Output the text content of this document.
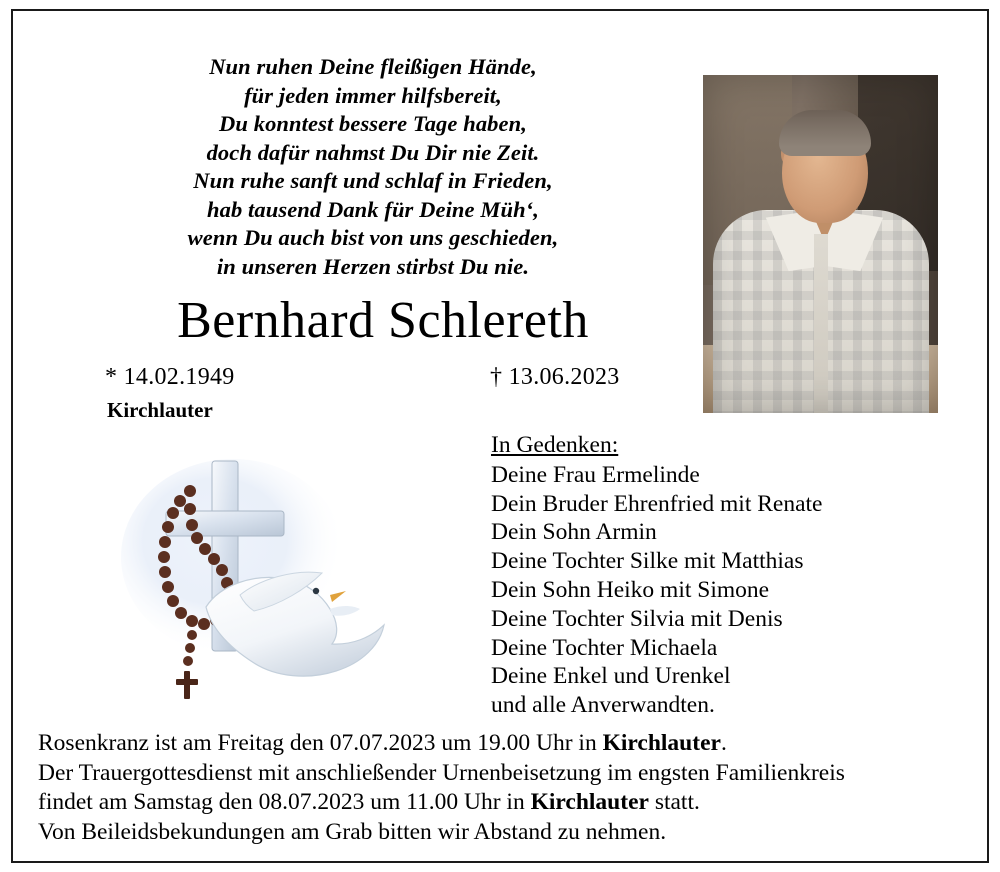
Nun ruhen Deine fleißigen Hände,
für jeden immer hilfsbereit,
Du konntest bessere Tage haben,
doch dafür nahmst Du Dir nie Zeit.
Nun ruhe sanft und schlaf in Frieden,
hab tausend Dank für Deine Müh‘,
wenn Du auch bist von uns geschieden,
in unseren Herzen stirbst Du nie.
Bernhard Schlereth
* 14.02.1949	† 13.06.2023
Kirchlauter
In Gedenken:
Deine Frau Ermelinde
Dein Bruder Ehrenfried mit Renate
Dein Sohn Armin
Deine Tochter Silke mit Matthias
Dein Sohn Heiko mit Simone
Deine Tochter Silvia mit Denis
Deine Tochter Michaela
Deine Enkel und Urenkel
und alle Anverwandten.
Rosenkranz ist am Freitag den 07.07.2023 um 19.00 Uhr in Kirchlauter.
Der Trauergottesdienst mit anschließender Urnenbeisetzung im engsten Familienkreis
findet am Samstag den 08.07.2023 um 11.00 Uhr in Kirchlauter statt.
Von Beileidsbekundungen am Grab bitten wir Abstand zu nehmen.
